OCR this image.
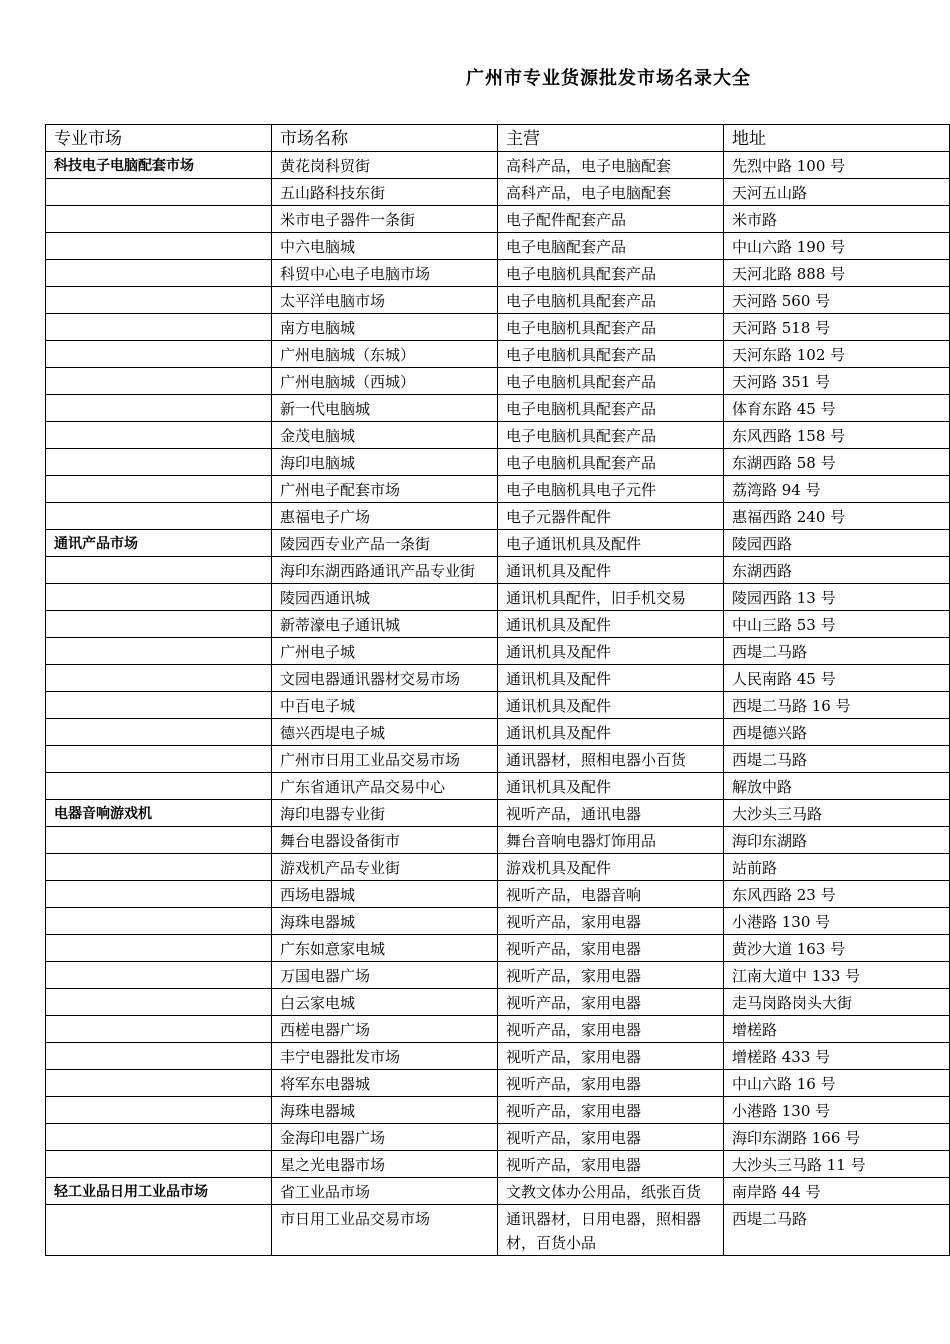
广州市专业货源批发市场名录大全
专业市场	市场名称	主营	地址
科技电子电脑配套市场	黄花岗科贸街	高科产品，电子电脑配套	先烈中路 100 号
	五山路科技东街	高科产品，电子电脑配套	天河五山路
	米市电子器件一条街	电子配件配套产品	米市路
	中六电脑城	电子电脑配套产品	中山六路 190 号
	科贸中心电子电脑市场	电子电脑机具配套产品	天河北路 888 号
	太平洋电脑市场	电子电脑机具配套产品	天河路 560 号
	南方电脑城	电子电脑机具配套产品	天河路 518 号
	广州电脑城（东城）	电子电脑机具配套产品	天河东路 102 号
	广州电脑城（西城）	电子电脑机具配套产品	天河路 351 号
	新一代电脑城	电子电脑机具配套产品	体育东路 45 号
	金茂电脑城	电子电脑机具配套产品	东风西路 158 号
	海印电脑城	电子电脑机具配套产品	东湖西路 58 号
	广州电子配套市场	电子电脑机具电子元件	荔湾路 94 号
	惠福电子广场	电子元器件配件	惠福西路 240 号
通讯产品市场	陵园西专业产品一条街	电子通讯机具及配件	陵园西路
	海印东湖西路通讯产品专业街	通讯机具及配件	东湖西路
	陵园西通讯城	通讯机具配件，旧手机交易	陵园西路 13 号
	新蒂濠电子通讯城	通讯机具及配件	中山三路 53 号
	广州电子城	通讯机具及配件	西堤二马路
	文园电器通讯器材交易市场	通讯机具及配件	人民南路 45 号
	中百电子城	通讯机具及配件	西堤二马路 16 号
	德兴西堤电子城	通讯机具及配件	西堤德兴路
	广州市日用工业品交易市场	通讯器材，照相电器小百货	西堤二马路
	广东省通讯产品交易中心	通讯机具及配件	解放中路
电器音响游戏机	海印电器专业街	视听产品，通讯电器	大沙头三马路
	舞台电器设备街市	舞台音响电器灯饰用品	海印东湖路
	游戏机产品专业街	游戏机具及配件	站前路
	西场电器城	视听产品，电器音响	东风西路 23 号
	海珠电器城	视听产品，家用电器	小港路 130 号
	广东如意家电城	视听产品，家用电器	黄沙大道 163 号
	万国电器广场	视听产品，家用电器	江南大道中 133 号
	白云家电城	视听产品，家用电器	走马岗路岗头大街
	西槎电器广场	视听产品，家用电器	增槎路
	丰宁电器批发市场	视听产品，家用电器	增槎路 433 号
	将军东电器城	视听产品，家用电器	中山六路 16 号
	海珠电器城	视听产品，家用电器	小港路 130 号
	金海印电器广场	视听产品，家用电器	海印东湖路 166 号
	星之光电器市场	视听产品，家用电器	大沙头三马路 11 号
轻工业品日用工业品市场	省工业品市场	文教文体办公用品，纸张百货	南岸路 44 号
	市日用工业品交易市场	通讯器材，日用电器，照相器材，百货小品	西堤二马路
